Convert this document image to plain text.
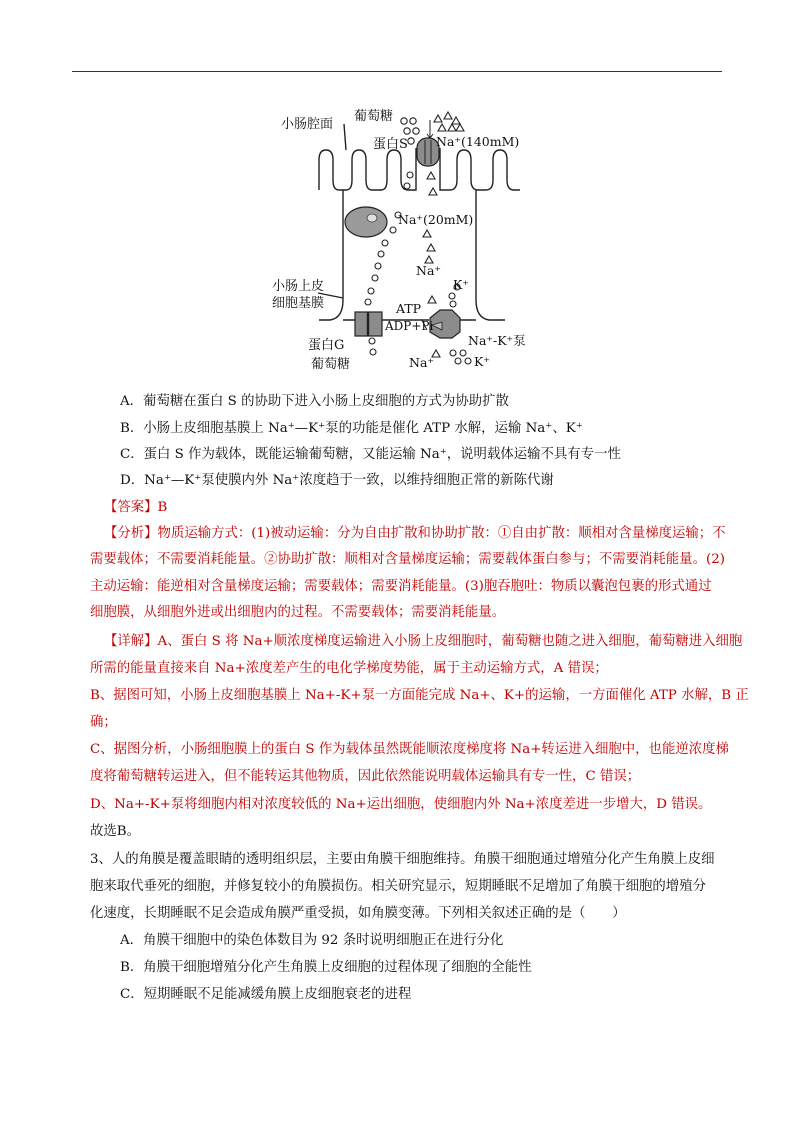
小肠腔面
葡萄糖
蛋白S Na⁺(140mM)
Na⁺(20mM)
Na⁺
K⁺
小肠上皮
细胞基膜	ATP
ADP+Pi
蛋白G
葡萄糖
Na⁺-K⁺泵
Na⁺	K⁺
A．葡萄糖在蛋白 S 的协助下进入小肠上皮细胞的方式为协助扩散
B．小肠上皮细胞基膜上 Na⁺—K⁺泵的功能是催化 ATP 水解，运输 Na⁺、K⁺
C．蛋白 S 作为载体，既能运输葡萄糖，又能运输 Na⁺，说明载体运输不具有专一性
D．Na⁺—K⁺泵使膜内外 Na⁺浓度趋于一致，以维持细胞正常的新陈代谢
【答案】B
【分析】物质运输方式：(1)被动运输：分为自由扩散和协助扩散：①自由扩散：顺相对含量梯度运输；不
需要载体；不需要消耗能量。②协助扩散：顺相对含量梯度运输；需要载体蛋白参与；不需要消耗能量。(2)
主动运输：能逆相对含量梯度运输；需要载体；需要消耗能量。(3)胞吞胞吐：物质以囊泡包裹的形式通过
细胞膜，从细胞外进或出细胞内的过程。不需要载体；需要消耗能量。
【详解】A、蛋白 S 将 Na+顺浓度梯度运输进入小肠上皮细胞时，葡萄糖也随之进入细胞，葡萄糖进入细胞
所需的能量直接来自 Na+浓度差产生的电化学梯度势能，属于主动运输方式，A 错误；
B、据图可知，小肠上皮细胞基膜上 Na+-K+泵一方面能完成 Na+、K+的运输，一方面催化 ATP 水解，B 正
确；
C、据图分析，小肠细胞膜上的蛋白 S 作为载体虽然既能顺浓度梯度将 Na+转运进入细胞中，也能逆浓度梯
度将葡萄糖转运进入，但不能转运其他物质，因此依然能说明载体运输具有专一性，C 错误；
D、Na+-K+泵将细胞内相对浓度较低的 Na+运出细胞，使细胞内外 Na+浓度差进一步增大，D 错误。
故选B。
3、人的角膜是覆盖眼睛的透明组织层，主要由角膜干细胞维持。角膜干细胞通过增殖分化产生角膜上皮细
胞来取代垂死的细胞，并修复较小的角膜损伤。相关研究显示，短期睡眠不足增加了角膜干细胞的增殖分
化速度，长期睡眠不足会造成角膜严重受损，如角膜变薄。下列相关叙述正确的是（　　）
A．角膜干细胞中的染色体数目为 92 条时说明细胞正在进行分化
B．角膜干细胞增殖分化产生角膜上皮细胞的过程体现了细胞的全能性
C．短期睡眠不足能减缓角膜上皮细胞衰老的进程
